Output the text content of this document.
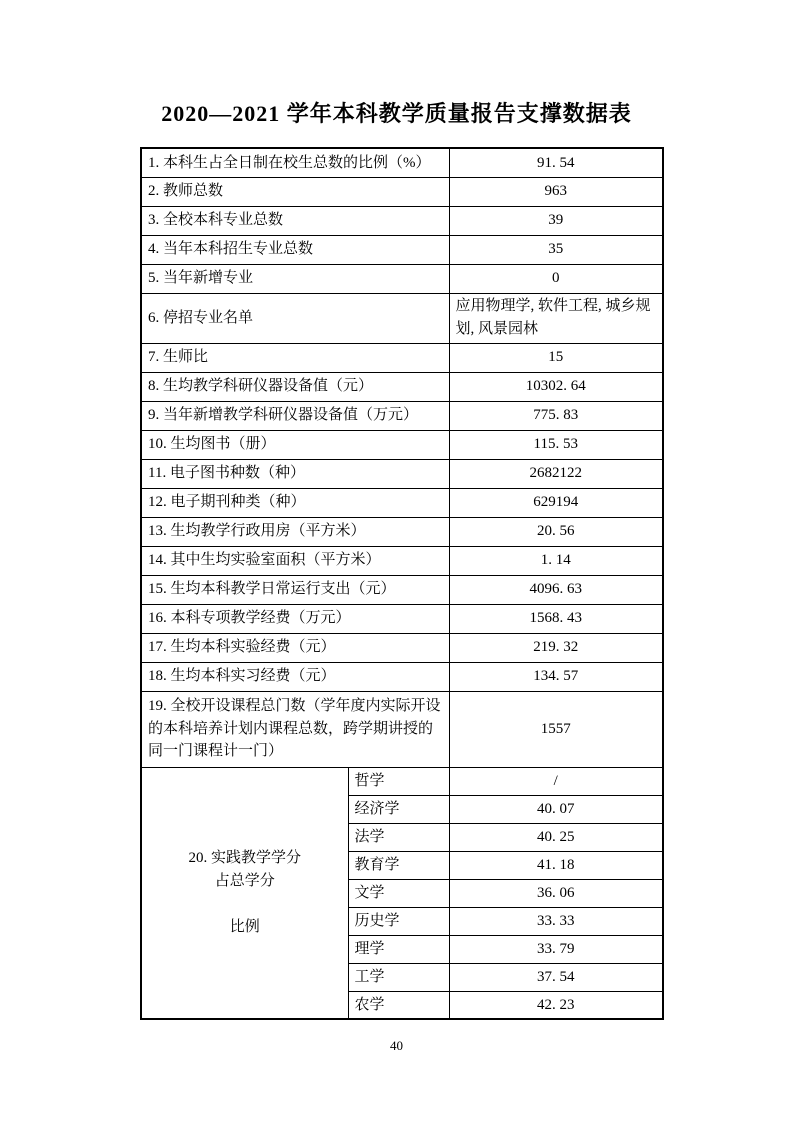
2020—2021 学年本科教学质量报告支撑数据表
1. 本科生占全日制在校生总数的比例（%）		91. 54
2. 教师总数		963
3. 全校本科专业总数		39
4. 当年本科招生专业总数		35
5. 当年新增专业		0
6. 停招专业名单		应用物理学, 软件工程, 城乡规划, 风景园林
7. 生师比		15
8. 生均教学科研仪器设备值（元）		10302. 64
9. 当年新增教学科研仪器设备值（万元）		775. 83
10. 生均图书（册）		115. 53
11. 电子图书种数（种）		2682122
12. 电子期刊种类（种）		629194
13. 生均教学行政用房（平方米）		20. 56
14. 其中生均实验室面积（平方米）		1. 14
15. 生均本科教学日常运行支出（元）		4096. 63
16. 本科专项教学经费（万元）		1568. 43
17. 生均本科实验经费（元）		219. 32
18. 生均本科实习经费（元）		134. 57
19. 全校开设课程总门数（学年度内实际开设的本科培养计划内课程总数，跨学期讲授的同一门课程计一门）		1557

20. 实践教学学分
占总学分
比例	哲学	/
	经济学	40. 07
	法学	40. 25
	教育学	41. 18
	文学	36. 06
	历史学	33. 33
	理学	33. 79
	工学	37. 54
	农学	42. 23
40
